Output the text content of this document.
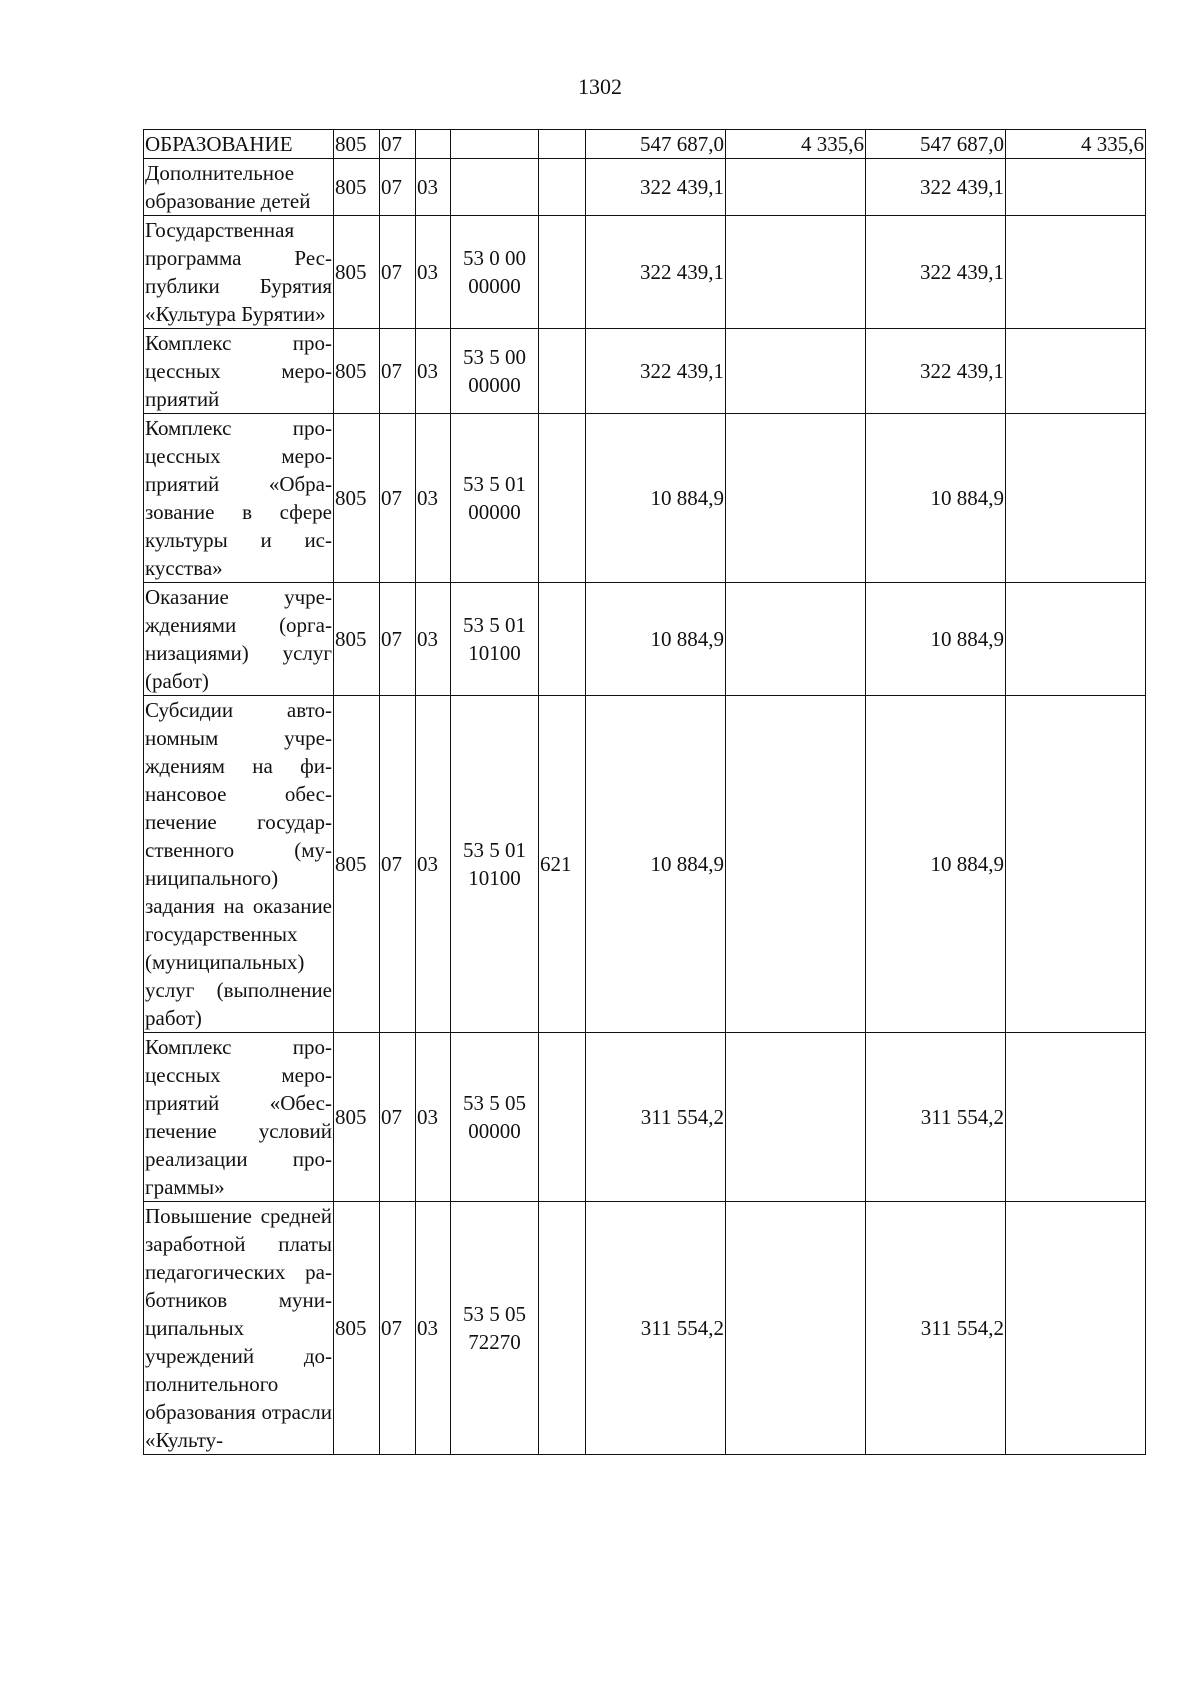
1302
ОБРАЗОВАНИЕ	805	07				547 687,0	4 335,6	547 687,0	4 335,6
Дополнительное образование детей	805	07	03			322 439,1		322 439,1	
Государственная программа Республики Бурятия «Культура Бурятии»	805	07	03	53 0 00 00000		322 439,1		322 439,1	
Комплекс процессных мероприятий	805	07	03	53 5 00 00000		322 439,1		322 439,1	
Комплекс процессных мероприятий «Образование в сфере культуры и искусства»	805	07	03	53 5 01 00000		10 884,9		10 884,9	
Оказание учреждениями (организациями) услуг (работ)	805	07	03	53 5 01 10100		10 884,9		10 884,9	
Субсидии автономным учреждениям на финансовое обеспечение государственного (муниципального) задания на оказание государственных (муниципальных) услуг (выполнение работ)	805	07	03	53 5 01 10100	621	10 884,9		10 884,9	
Комплекс процессных мероприятий «Обеспечение условий реализации программы»	805	07	03	53 5 05 00000		311 554,2		311 554,2	
Повышение средней заработной платы педагогических работников муниципальных учреждений дополнительного образования отрасли «Культу-	805	07	03	53 5 05 72270		311 554,2		311 554,2	
